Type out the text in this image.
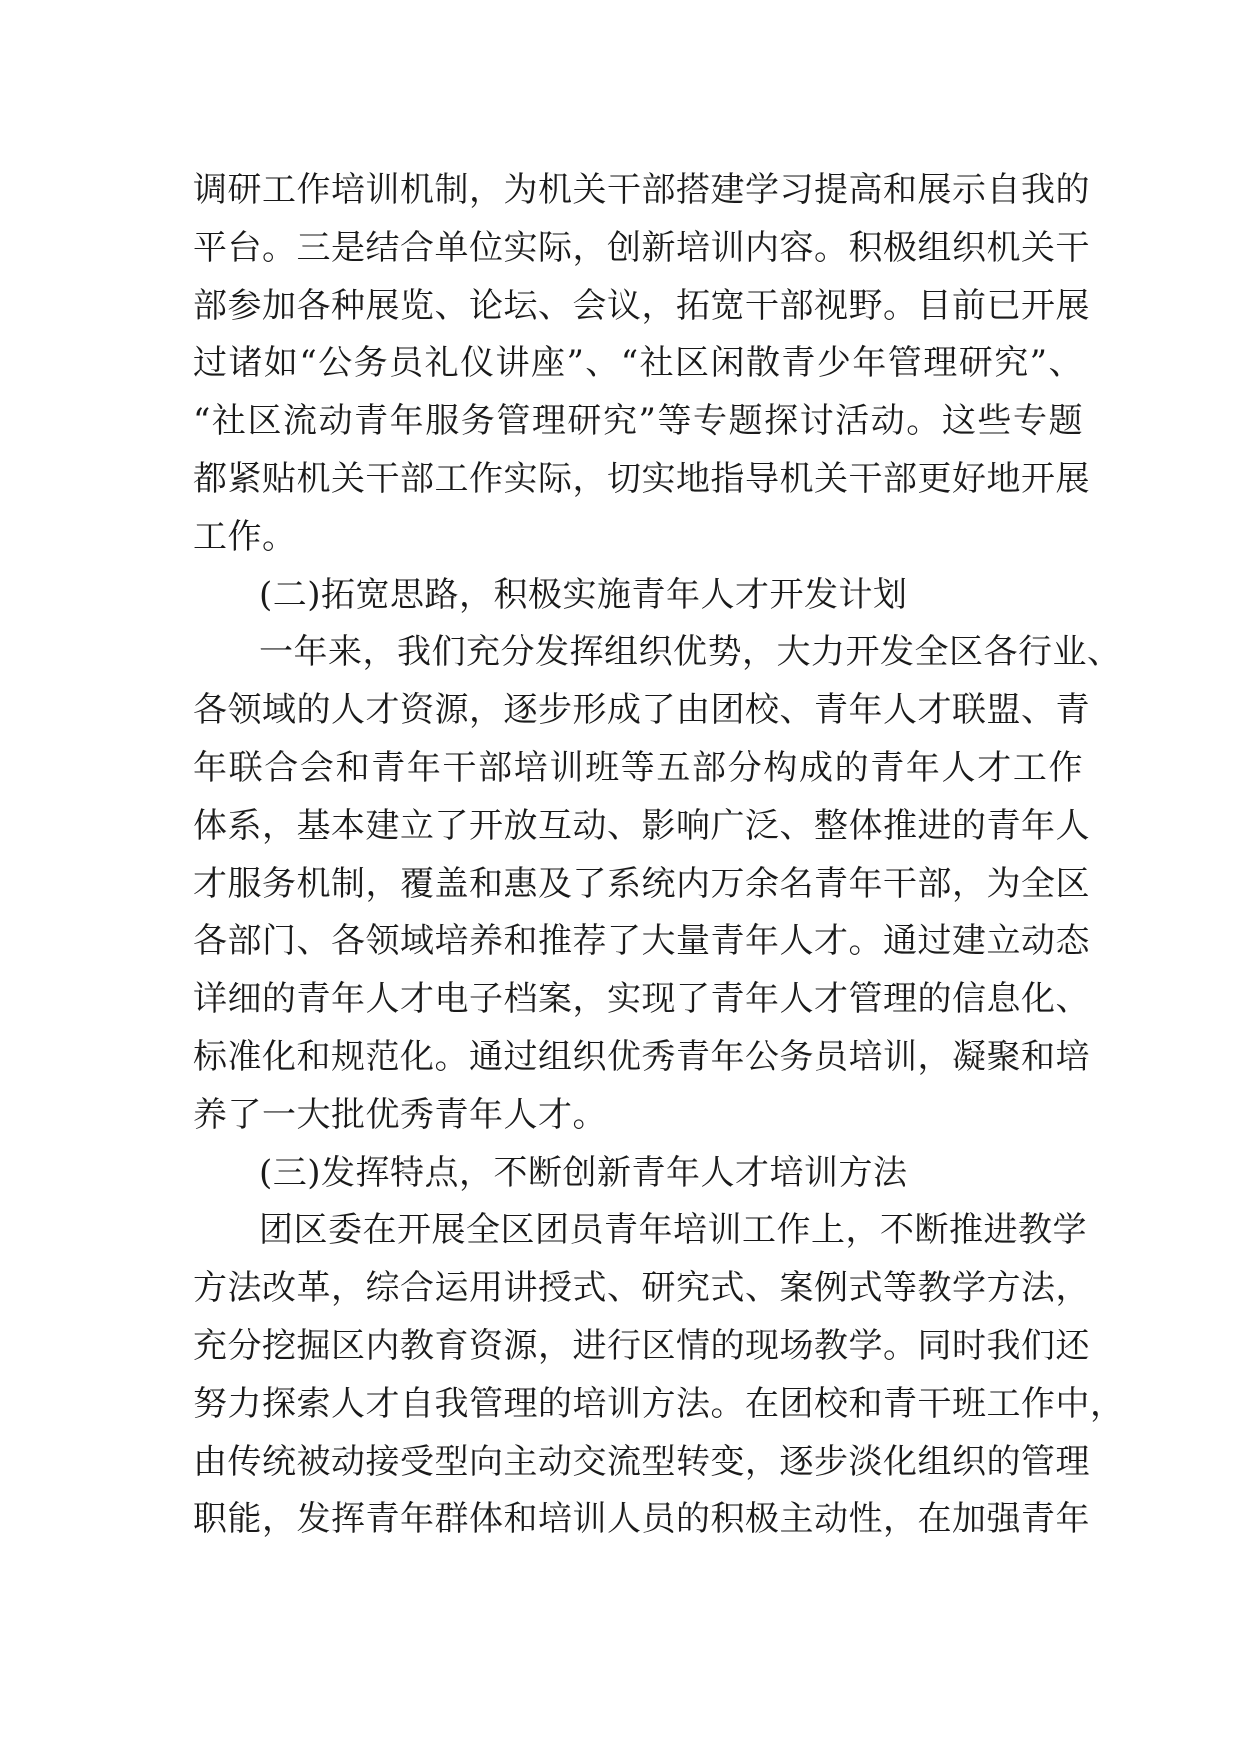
调研工作培训机制，为机关干部搭建学习提高和展示自我的
平台。三是结合单位实际，创新培训内容。积极组织机关干
部参加各种展览、论坛、会议，拓宽干部视野。目前已开展
过诸如“公务员礼仪讲座”、“社区闲散青少年管理研究”、
“社区流动青年服务管理研究”等专题探讨活动。这些专题
都紧贴机关干部工作实际，切实地指导机关干部更好地开展
工作。
(二)拓宽思路，积极实施青年人才开发计划
一年来，我们充分发挥组织优势，大力开发全区各行业、
各领域的人才资源，逐步形成了由团校、青年人才联盟、青
年联合会和青年干部培训班等五部分构成的青年人才工作
体系，基本建立了开放互动、影响广泛、整体推进的青年人
才服务机制，覆盖和惠及了系统内万余名青年干部，为全区
各部门、各领域培养和推荐了大量青年人才。通过建立动态
详细的青年人才电子档案，实现了青年人才管理的信息化、
标准化和规范化。通过组织优秀青年公务员培训，凝聚和培
养了一大批优秀青年人才。
(三)发挥特点，不断创新青年人才培训方法
团区委在开展全区团员青年培训工作上，不断推进教学
方法改革，综合运用讲授式、研究式、案例式等教学方法，
充分挖掘区内教育资源，进行区情的现场教学。同时我们还
努力探索人才自我管理的培训方法。在团校和青干班工作中，
由传统被动接受型向主动交流型转变，逐步淡化组织的管理
职能，发挥青年群体和培训人员的积极主动性，在加强青年
